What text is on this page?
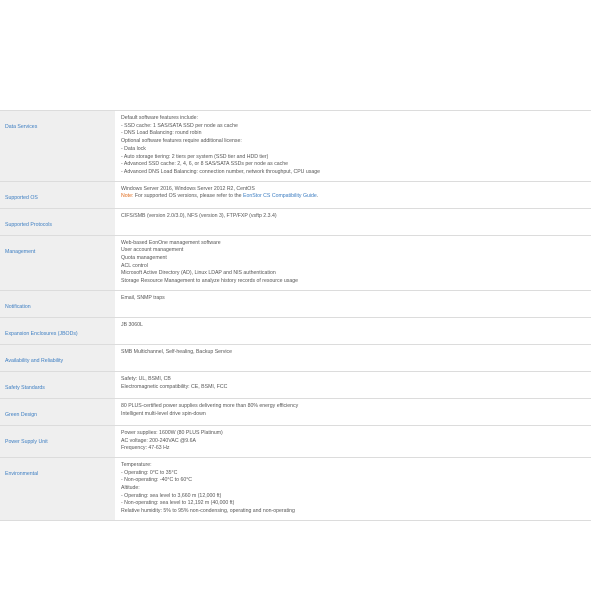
Data Services
Default software features include:
- SSD cache: 1 SAS/SATA SSD per node as cache
- DNS Load Balancing: round robin
Optional software features require additional license:
- Data lock
- Auto storage tiering: 2 tiers per system (SSD tier and HDD tier)
- Advanced SSD cache: 2, 4, 6, or 8 SAS/SATA SSDs per node as cache
- Advanced DNS Load Balancing: connection number, network throughput, CPU usage
Supported OS
Windows Server 2016, Windows Server 2012 R2, CentOS
Note: For supported OS versions, please refer to the EonStor CS Compatibility Guide.
Supported Protocols
CIFS/SMB (version 2.0/3.0), NFS (version 3), FTP/FXP (vsftp 2.3.4)
Management
Web-based EonOne management software
User account management
Quota management
ACL control
Microsoft Active Directory (AD), Linux LDAP and NIS authentication
Storage Resource Management to analyze history records of resource usage
Notification
Email, SNMP traps
Expansion Enclosures (JBODs)
JB 3060L
Availability and Reliability
SMB Multichannel, Self-healing, Backup Service
Safety Standards
Safety: UL, BSMI, CB
Electromagnetic compatibility: CE, BSMI, FCC
Green Design
80 PLUS-certified power supplies delivering more than 80% energy efficiency
Intelligent multi-level drive spin-down
Power Supply Unit
Power supplies: 1600W (80 PLUS Platinum)
AC voltage: 200-240VAC @9.6A
Frequency: 47-63 Hz
Environmental
Temperature:
- Operating: 0°C to 35°C
- Non-operating: -40°C to 60°C
Altitude:
- Operating: sea level to 3,660 m (12,000 ft)
- Non-operating: sea level to 12,192 m (40,000 ft)
Relative humidity: 5% to 95% non-condensing, operating and non-operating
